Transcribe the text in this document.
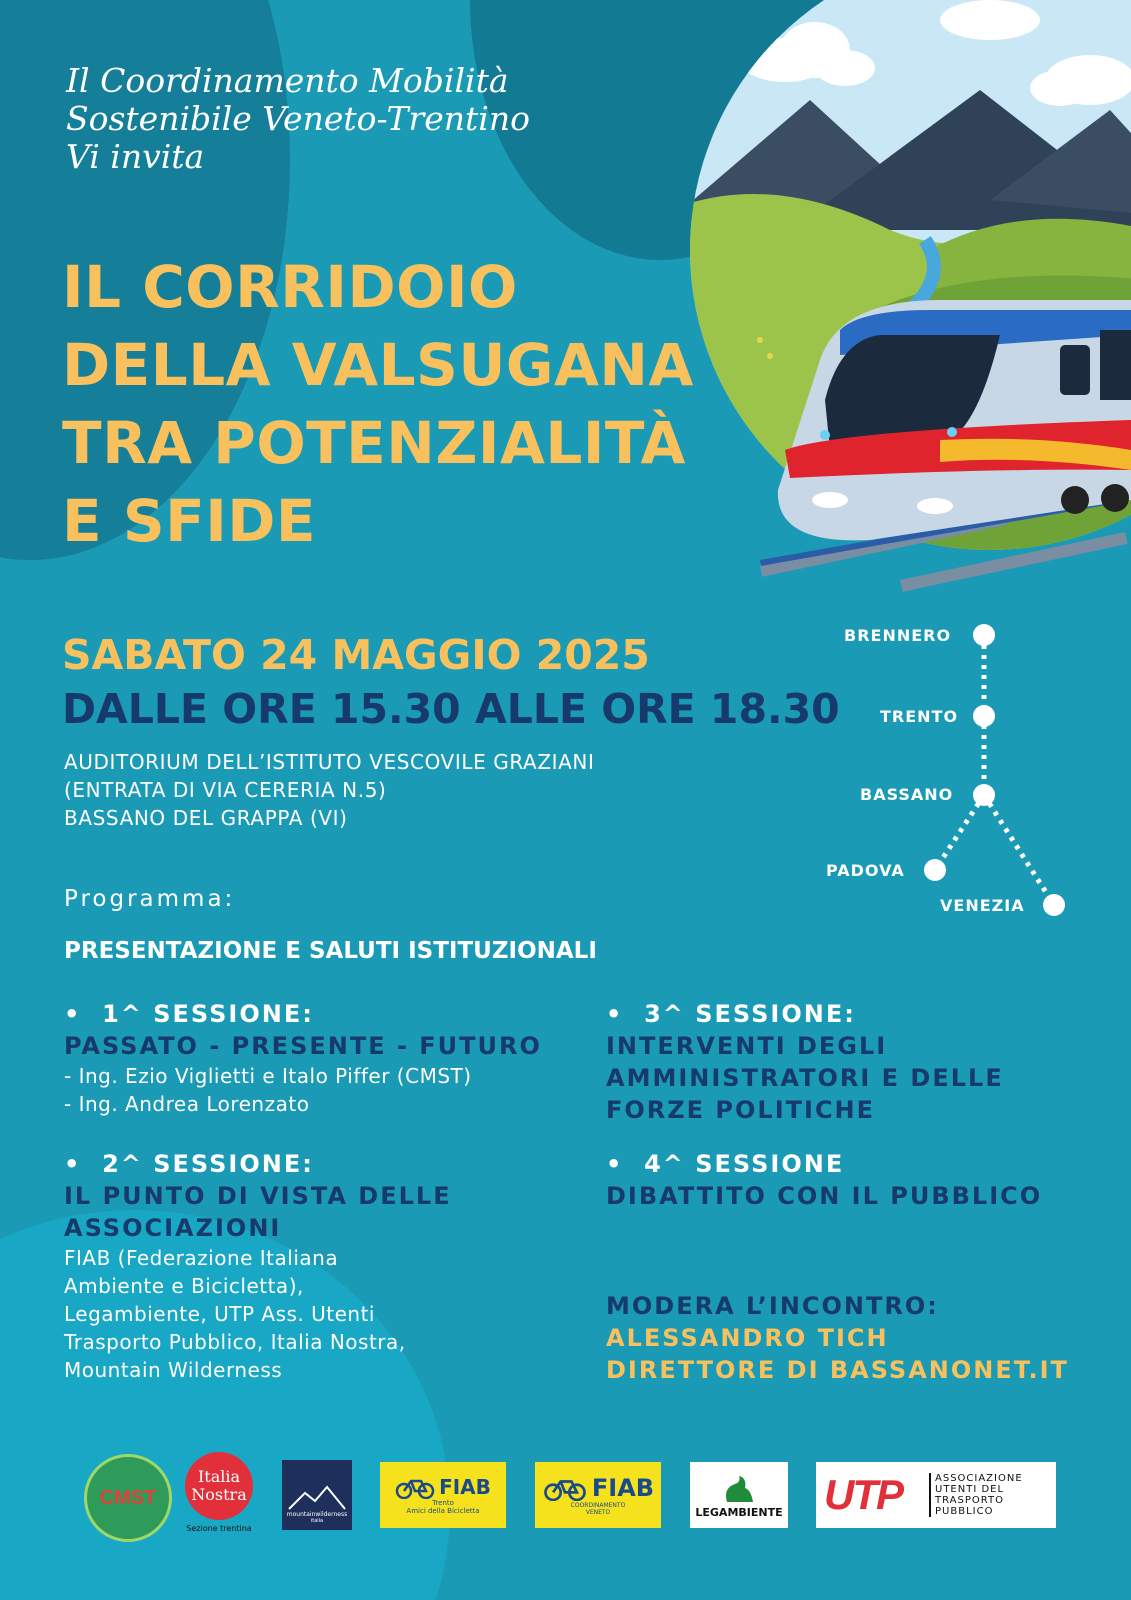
Il Coordinamento Mobilità
Sostenibile Veneto-Trentino
Vi invita
IL CORRIDOIO
DELLA VALSUGANA
TRA POTENZIALITÀ
E SFIDE
SABATO 24 MAGGIO 2025
DALLE ORE 15.30 ALLE ORE 18.30
AUDITORIUM DELL’ISTITUTO VESCOVILE GRAZIANI
(ENTRATA DI VIA CERERIA N.5)
BASSANO DEL GRAPPA (VI)
BRENNERO
TRENTO
BASSANO
PADOVA
VENEZIA
Programma:
PRESENTAZIONE E SALUTI ISTITUZIONALI
•  1^ SESSIONE:
PASSATO - PRESENTE - FUTURO
- Ing. Ezio Viglietti e Italo Piffer (CMST)
- Ing. Andrea Lorenzato
•  2^ SESSIONE:
IL PUNTO DI VISTA DELLE
ASSOCIAZIONI
FIAB (Federazione Italiana
Ambiente e Bicicletta),
Legambiente, UTP Ass. Utenti
Trasporto Pubblico, Italia Nostra,
Mountain Wilderness
•  3^ SESSIONE:
INTERVENTI DEGLI
AMMINISTRATORI E DELLE
FORZE POLITICHE
•  4^ SESSIONE
DIBATTITO CON IL PUBBLICO
MODERA L’INCONTRO:
ALESSANDRO TICH
DIRETTORE DI BASSANONET.IT
CMST
Italia
Nostra
Sezione trentina
mountainwilderness
italia
FIAB
Trento
Amici della Bicicletta
FIAB
COORDINAMENTO
VENETO	LEGAMBIENTE UTP	ASSOCIAZIONE
UTENTI DEL
TRASPORTO
PUBBLICO
